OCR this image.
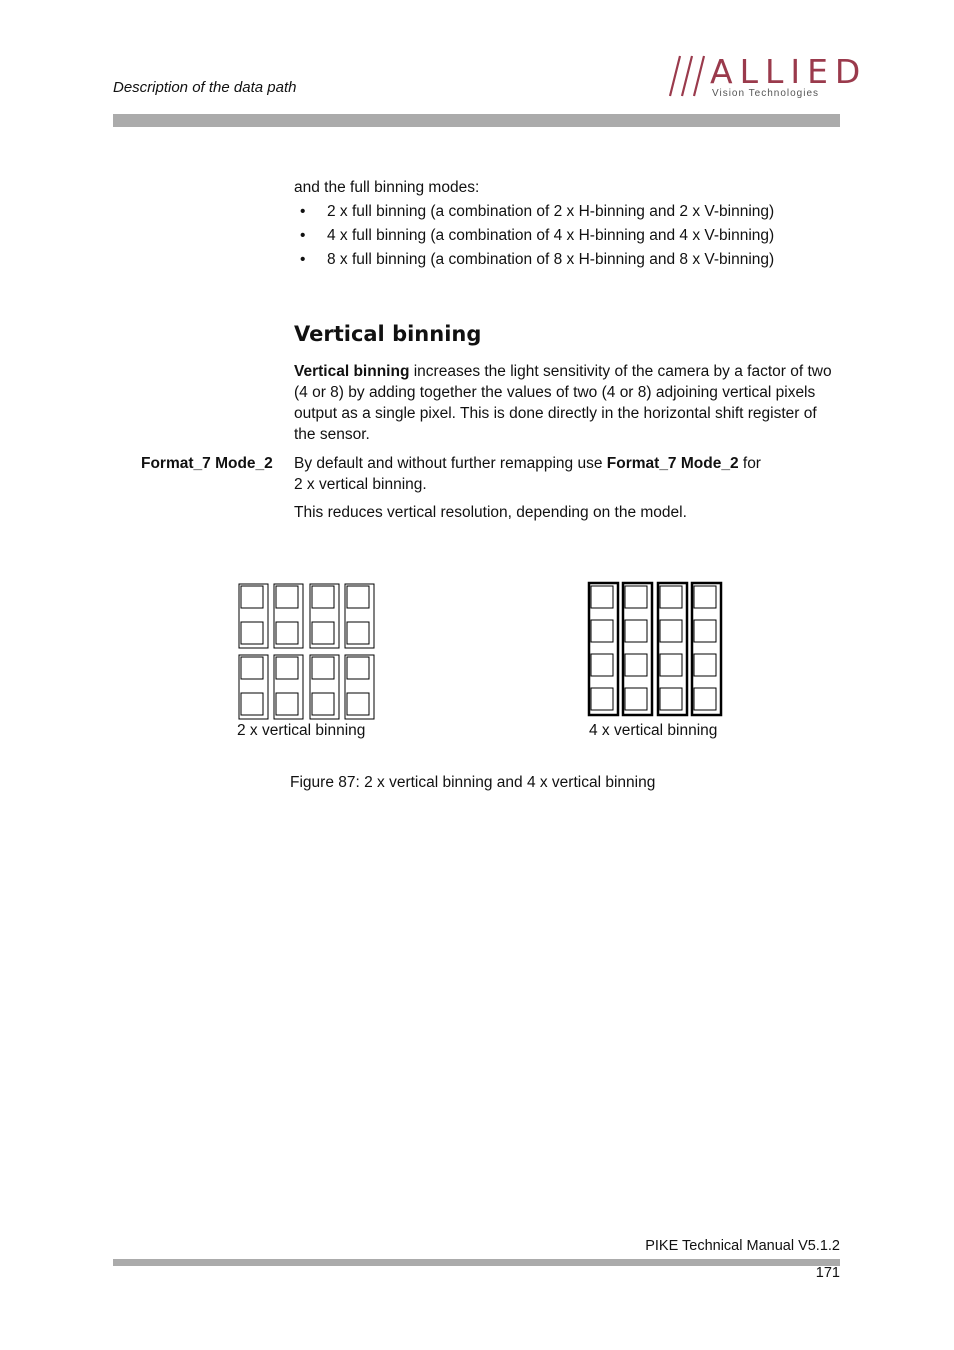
Description of the data path	ALLIED
Vision Technologies
and the full binning modes:
• 2 x full binning (a combination of 2 x H-binning and 2 x V-binning)
• 4 x full binning (a combination of 4 x H-binning and 4 x V-binning)
• 8 x full binning (a combination of 8 x H-binning and 8 x V-binning)
Vertical binning
Vertical binning increases the light sensitivity of the camera by a factor of two (4 or 8) by adding together the values of two (4 or 8) adjoining vertical pixels output as a single pixel. This is done directly in the horizontal shift register of the sensor.
Format_7 Mode_2 By default and without further remapping use Format_7 Mode_2 for
2 x vertical binning.
This reduces vertical resolution, depending on the model.
2 x vertical binning	4 x vertical binning
Figure 87: 2 x vertical binning and 4 x vertical binning
PIKE Technical Manual V5.1.2
171
